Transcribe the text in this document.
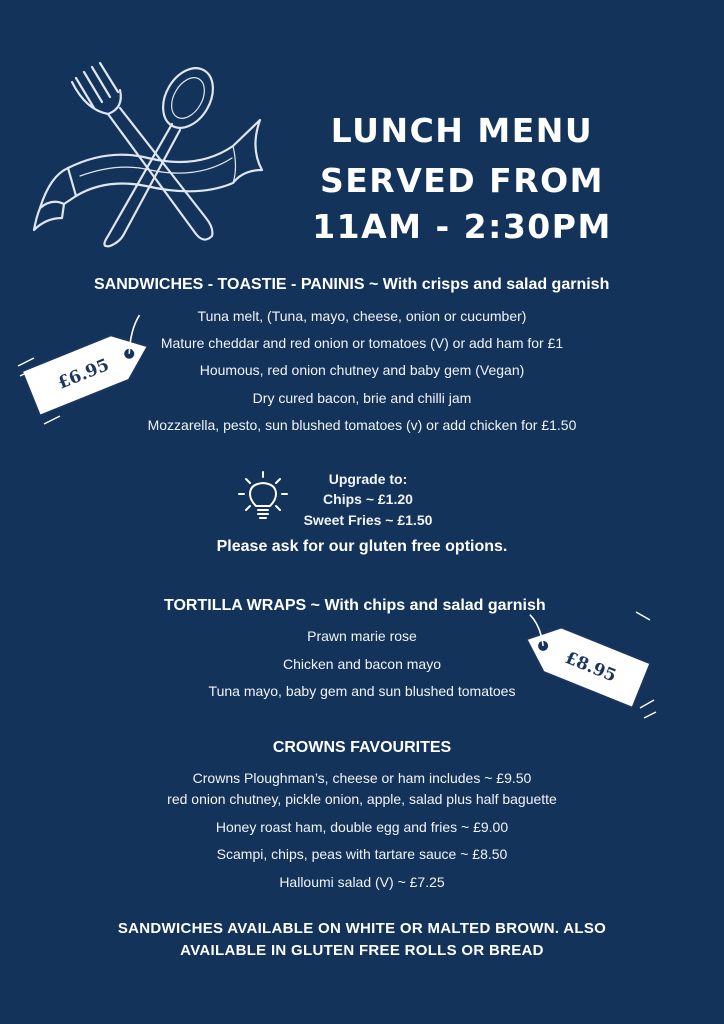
LUNCH MENU
SERVED FROM
11AM - 2:30PM
SANDWICHES - TOASTIE - PANINIS ~ With crisps and salad garnish
Tuna melt, (Tuna, mayo, cheese, onion or cucumber)
Mature cheddar and red onion or tomatoes (V) or add ham for £1
Houmous, red onion chutney and baby gem (Vegan)
Dry cured bacon, brie and chilli jam
Mozzarella, pesto, sun blushed tomatoes (v) or add chicken for £1.50
£6.95
Upgrade to:
Chips ~ £1.20
Sweet Fries ~ £1.50
Please ask for our gluten free options.
TORTILLA WRAPS ~ With chips and salad garnish
Prawn marie rose
Chicken and bacon mayo
Tuna mayo, baby gem and sun blushed tomatoes
£8.95
CROWNS FAVOURITES
Crowns Ploughman’s, cheese or ham includes ~ £9.50
red onion chutney, pickle onion, apple, salad plus half baguette
Honey roast ham, double egg and fries ~ £9.00
Scampi, chips, peas with tartare sauce ~ £8.50
Halloumi salad (V) ~ £7.25
SANDWICHES AVAILABLE ON WHITE OR MALTED BROWN. ALSO
AVAILABLE IN GLUTEN FREE ROLLS OR BREAD
